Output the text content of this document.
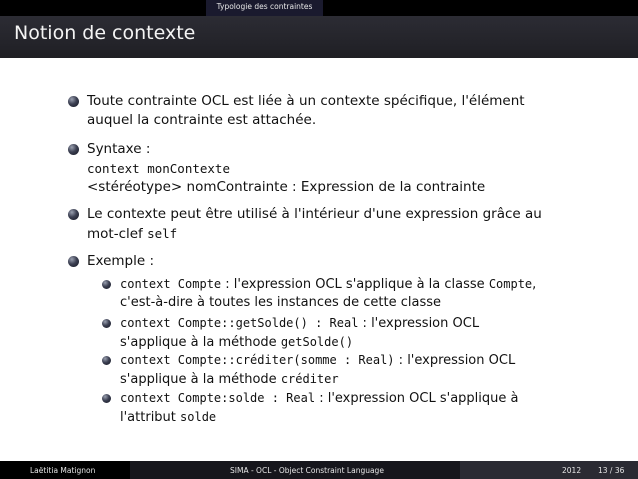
Typologie des contraintes
Notion de contexte
Toute contrainte OCL est liée à un contexte spécifique, l'élément
auquel la contrainte est attachée.
Syntaxe :
context monContexte
<stéréotype> nomContrainte : Expression de la contrainte
Le contexte peut être utilisé à l'intérieur d'une expression grâce au
mot-clef self
Exemple :
context Compte : l'expression OCL s'applique à la classe Compte,
c'est-à-dire à toutes les instances de cette classe
context Compte::getSolde() : Real : l'expression OCL
s'applique à la méthode getSolde()
context Compte::créditer(somme : Real) : l'expression OCL
s'applique à la méthode créditer
context Compte:solde : Real : l'expression OCL s'applique à
l'attribut solde
Laëtitia Matignon	SIMA - OCL - Object Constraint Language	2012 13 / 36
